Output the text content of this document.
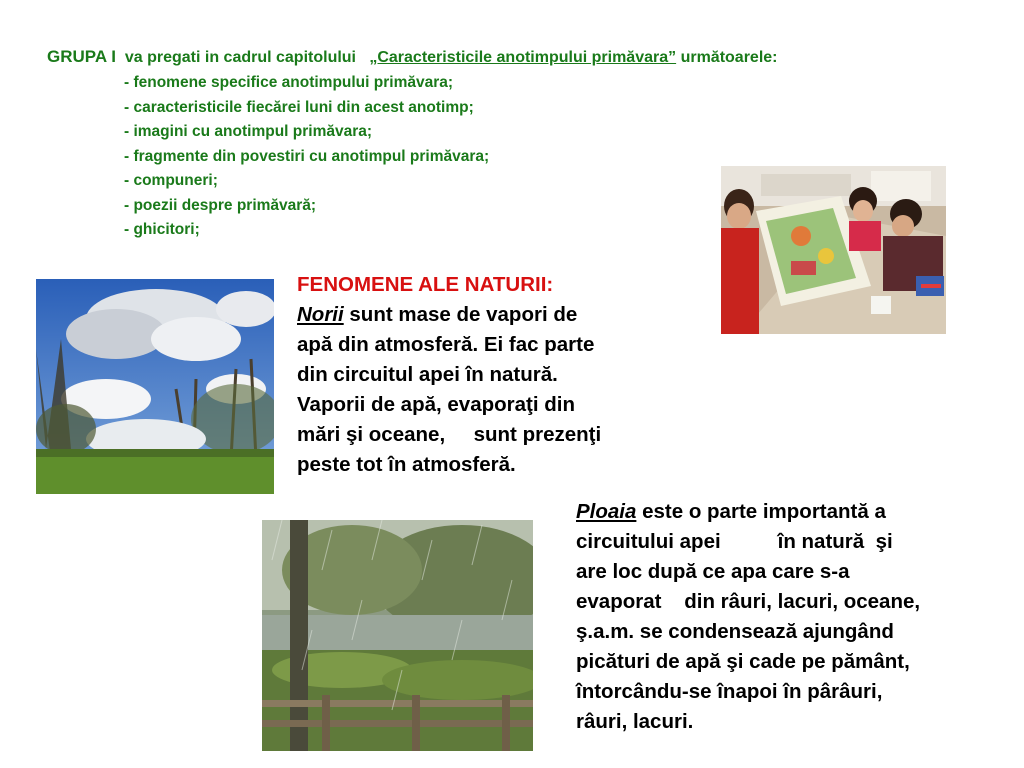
GRUPA I va pregati in cadrul capitolului „Caracteristicile anotimpului primăvara” următoarele:
- fenomene specifice anotimpului primăvara;
- caracteristicile fiecărei luni din acest anotimp;
- imagini cu anotimpul primăvara;
- fragmente din povestiri cu anotimpul primăvara;
- compuneri;
- poezii despre primăvară;
- ghicitori;
FENOMENE ALE NATURII:
Norii sunt mase de vapori de
apă din atmosferă. Ei fac parte
din circuitul apei în natură.
Vaporii de apă, evaporaţi din
mări şi oceane,     sunt prezenţi
peste tot în atmosferă.
Ploaia este o parte importantă a
circuitului apei          în natură  şi
are loc după ce apa care s-a
evaporat    din râuri, lacuri, oceane,
ş.a.m. se condensează ajungând
picături de apă şi cade pe pământ,
întorcându-se înapoi în pârâuri,
râuri, lacuri.
